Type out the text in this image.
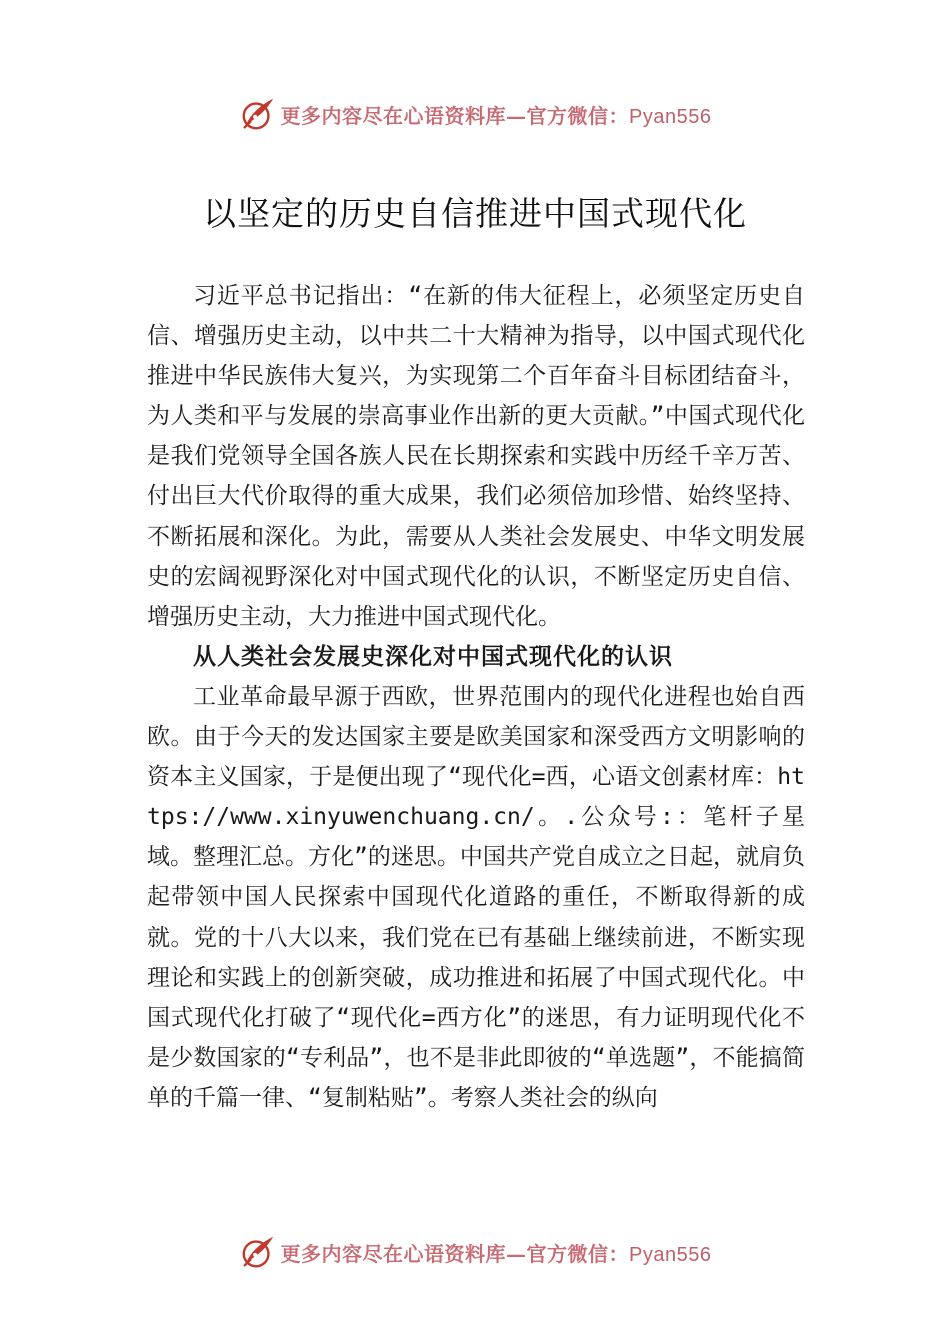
更多内容尽在心语资料库—官方微信：Pyan556
以坚定的历史自信推进中国式现代化

习近平总书记指出：“在新的伟大征程上，必须坚定历史自信、增强历史主动，以中共二十大精神为指导，以中国式现代化推进中华民族伟大复兴，为实现第二个百年奋斗目标团结奋斗，为人类和平与发展的崇高事业作出新的更大贡献。”中国式现代化是我们党领导全国各族人民在长期探索和实践中历经千辛万苦、付出巨大代价取得的重大成果，我们必须倍加珍惜、始终坚持、不断拓展和深化。为此，需要从人类社会发展史、中华文明发展史的宏阔视野深化对中国式现代化的认识，不断坚定历史自信、增强历史主动，大力推进中国式现代化。

从人类社会发展史深化对中国式现代化的认识

工业革命最早源于西欧，世界范围内的现代化进程也始自西欧。由于今天的发达国家主要是欧美国家和深受西方文明影响的资本主义国家，于是便出现了“现代化=西，心语文创素材库：https://www.xinyuwenchuang.cn/。.公众号:：笔杆子星域。整理汇总。方化”的迷思。中国共产党自成立之日起，就肩负起带领中国人民探索中国现代化道路的重任，不断取得新的成就。党的十八大以来，我们党在已有基础上继续前进，不断实现理论和实践上的创新突破，成功推进和拓展了中国式现代化。中国式现代化打破了“现代化=西方化”的迷思，有力证明现代化不是少数国家的“专利品”，也不是非此即彼的“单选题”，不能搞简单的千篇一律、“复制粘贴”。考察人类社会的纵向

更多内容尽在心语资料库—官方微信：Pyan556
